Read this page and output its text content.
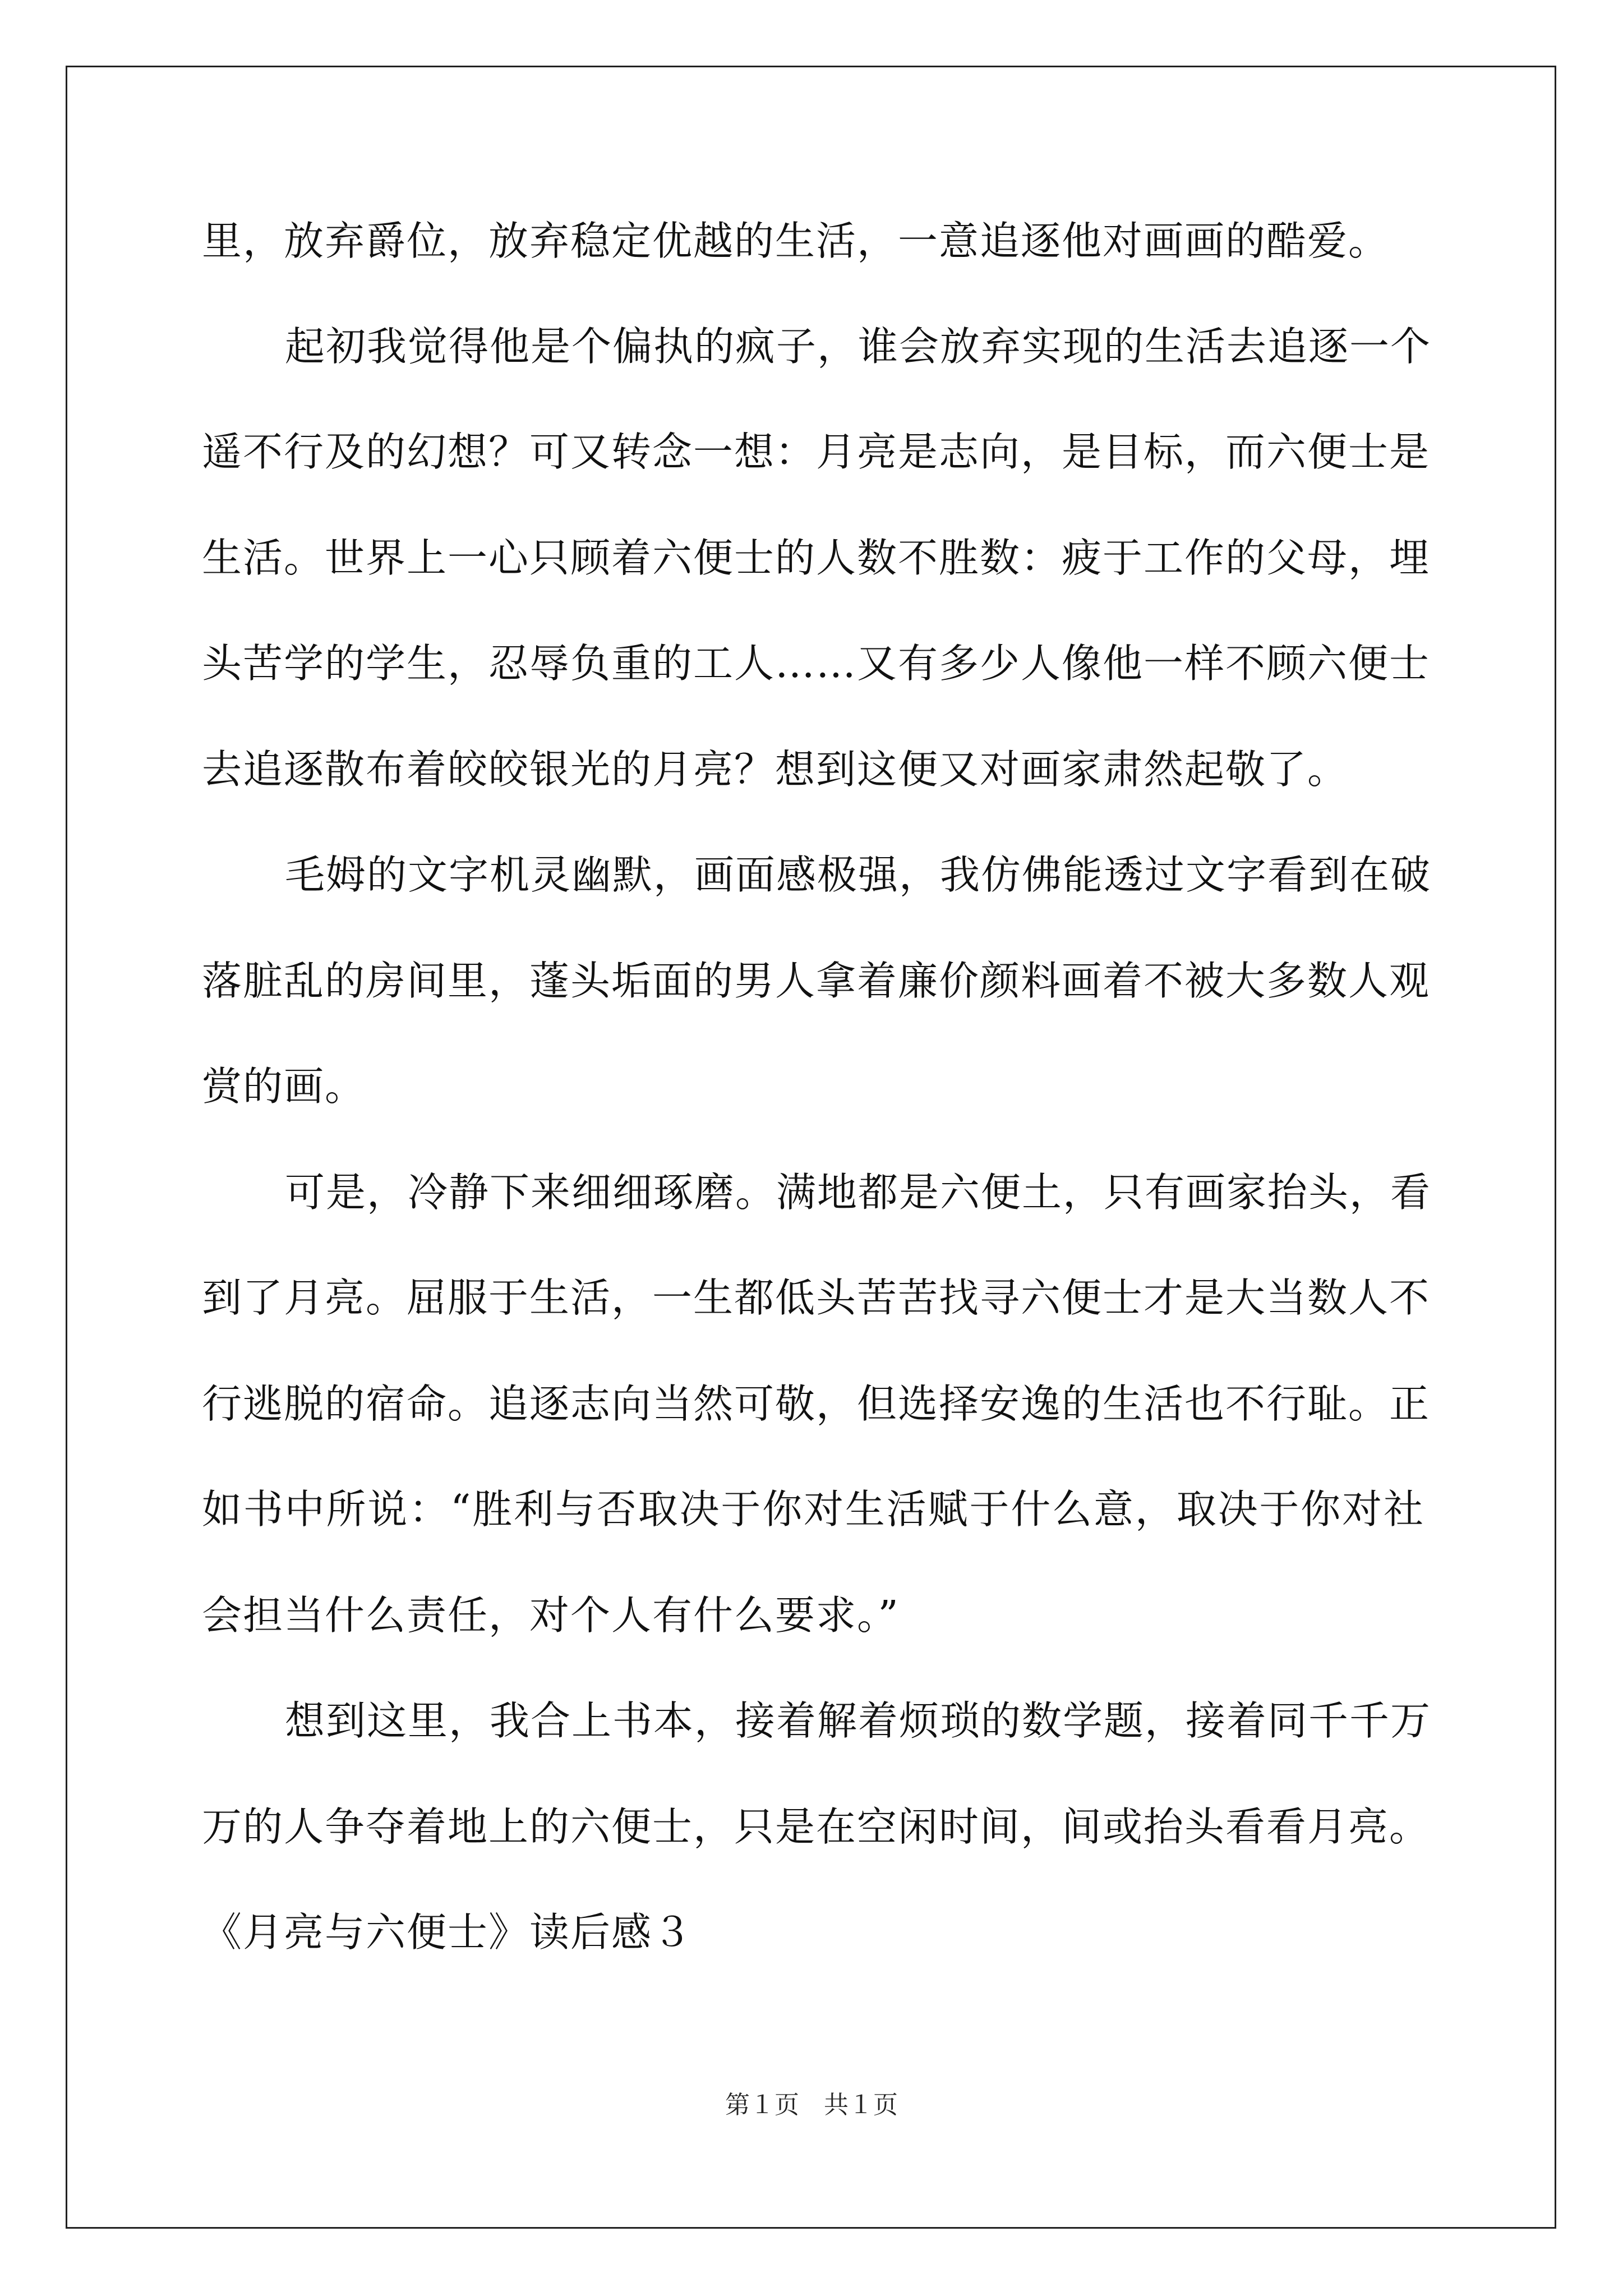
里，放弃爵位，放弃稳定优越的生活，一意追逐他对画画的酷爱。
起初我觉得他是个偏执的疯子，谁会放弃实现的生活去追逐一个
遥不行及的幻想？可又转念一想：月亮是志向，是目标，而六便士是
生活。世界上一心只顾着六便士的人数不胜数：疲于工作的父母，埋
头苦学的学生，忍辱负重的工人……又有多少人像他一样不顾六便士
去追逐散布着皎皎银光的月亮？想到这便又对画家肃然起敬了。
毛姆的文字机灵幽默，画面感极强，我仿佛能透过文字看到在破
落脏乱的房间里，蓬头垢面的男人拿着廉价颜料画着不被大多数人观
赏的画。
可是，冷静下来细细琢磨。满地都是六便土，只有画家抬头，看
到了月亮。屈服于生活，一生都低头苦苦找寻六便士才是大当数人不
行逃脱的宿命。追逐志向当然可敬，但选择安逸的生活也不行耻。正
如书中所说：“胜利与否取决于你对生活赋于什么意，取决于你对社
会担当什么责任，对个人有什么要求。”
想到这里，我合上书本，接着解着烦琐的数学题，接着同千千万
万的人争夺着地上的六便士，只是在空闲时间，间或抬头看看月亮。
《月亮与六便士》读后感３
第１页　共１页
